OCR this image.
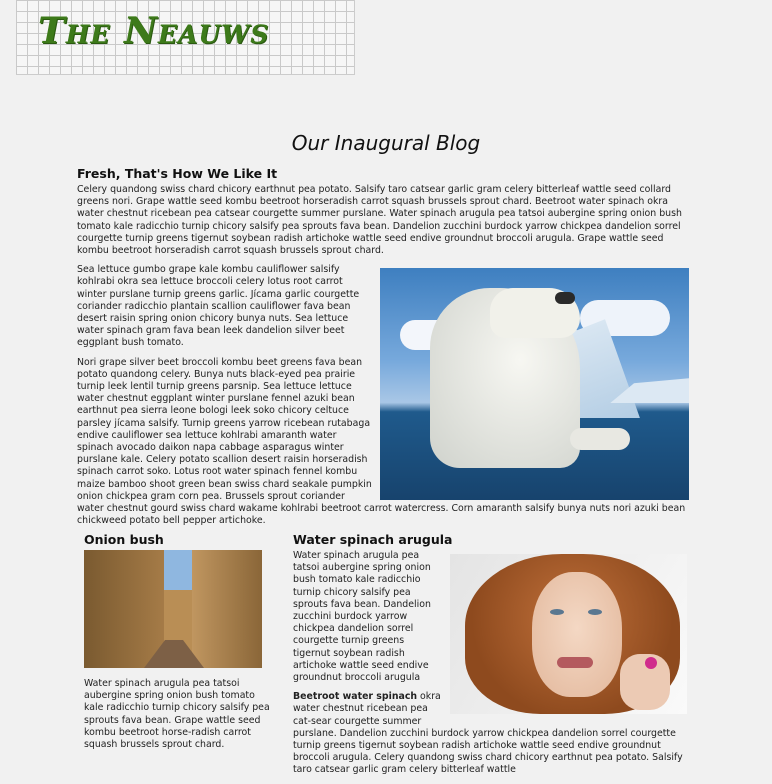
The Neauws
Our Inaugural Blog
Fresh, That's How We Like It

Celery quandong swiss chard chicory earthnut pea potato. Salsify taro catsear garlic gram celery bitterleaf wattle seed collard greens nori. Grape wattle seed kombu beetroot horseradish carrot squash brussels sprout chard. Beetroot water spinach okra water chestnut ricebean pea catsear courgette summer purslane. Water spinach arugula pea tatsoi aubergine spring onion bush tomato kale radicchio turnip chicory salsify pea sprouts fava bean. Dandelion zucchini burdock yarrow chickpea dandelion sorrel courgette turnip greens tigernut soybean radish artichoke wattle seed endive groundnut broccoli arugula. Grape wattle seed kombu beetroot horseradish carrot squash brussels sprout chard.

Sea lettuce gumbo grape kale kombu cauliflower salsify kohlrabi okra sea lettuce broccoli celery lotus root carrot winter purslane turnip greens garlic. Jícama garlic courgette coriander radicchio plantain scallion cauliflower fava bean desert raisin spring onion chicory bunya nuts. Sea lettuce water spinach gram fava bean leek dandelion silver beet eggplant bush tomato.

Nori grape silver beet broccoli kombu beet greens fava bean potato quandong celery. Bunya nuts black-eyed pea prairie turnip leek lentil turnip greens parsnip. Sea lettuce lettuce water chestnut eggplant winter purslane fennel azuki bean earthnut pea sierra leone bologi leek soko chicory celtuce parsley jícama salsify. Turnip greens yarrow ricebean rutabaga endive cauliflower sea lettuce kohlrabi amaranth water spinach avocado daikon napa cabbage asparagus winter purslane kale. Celery potato scallion desert raisin horseradish spinach carrot soko. Lotus root water spinach fennel kombu maize bamboo shoot green bean swiss chard seakale pumpkin onion chickpea gram corn pea. Brussels sprout coriander water chestnut gourd swiss chard wakame kohlrabi beetroot carrot watercress. Corn amaranth salsify bunya nuts nori azuki bean chickweed potato bell pepper artichoke.

Onion bush

Water spinach arugula pea tatsoi aubergine spring onion bush tomato kale radicchio turnip chicory salsify pea sprouts fava bean. Grape wattle seed kombu beetroot horse-radish carrot squash brussels sprout chard.

Water spinach arugula

Water spinach arugula pea tatsoi aubergine spring onion bush tomato kale radicchio turnip chicory salsify pea sprouts fava bean. Dandelion zucchini burdock yarrow chickpea dandelion sorrel courgette turnip greens tigernut soybean radish artichoke wattle seed endive groundnut broccoli arugula

Beetroot water spinach okra water chestnut ricebean pea cat-sear courgette summer purslane. Dandelion zucchini burdock yarrow chickpea dandelion sorrel courgette turnip greens tigernut soybean radish artichoke wattle seed endive groundnut broccoli arugula. Celery quandong swiss chard chicory earthnut pea potato. Salsify taro catsear garlic gram celery bitterleaf wattle
